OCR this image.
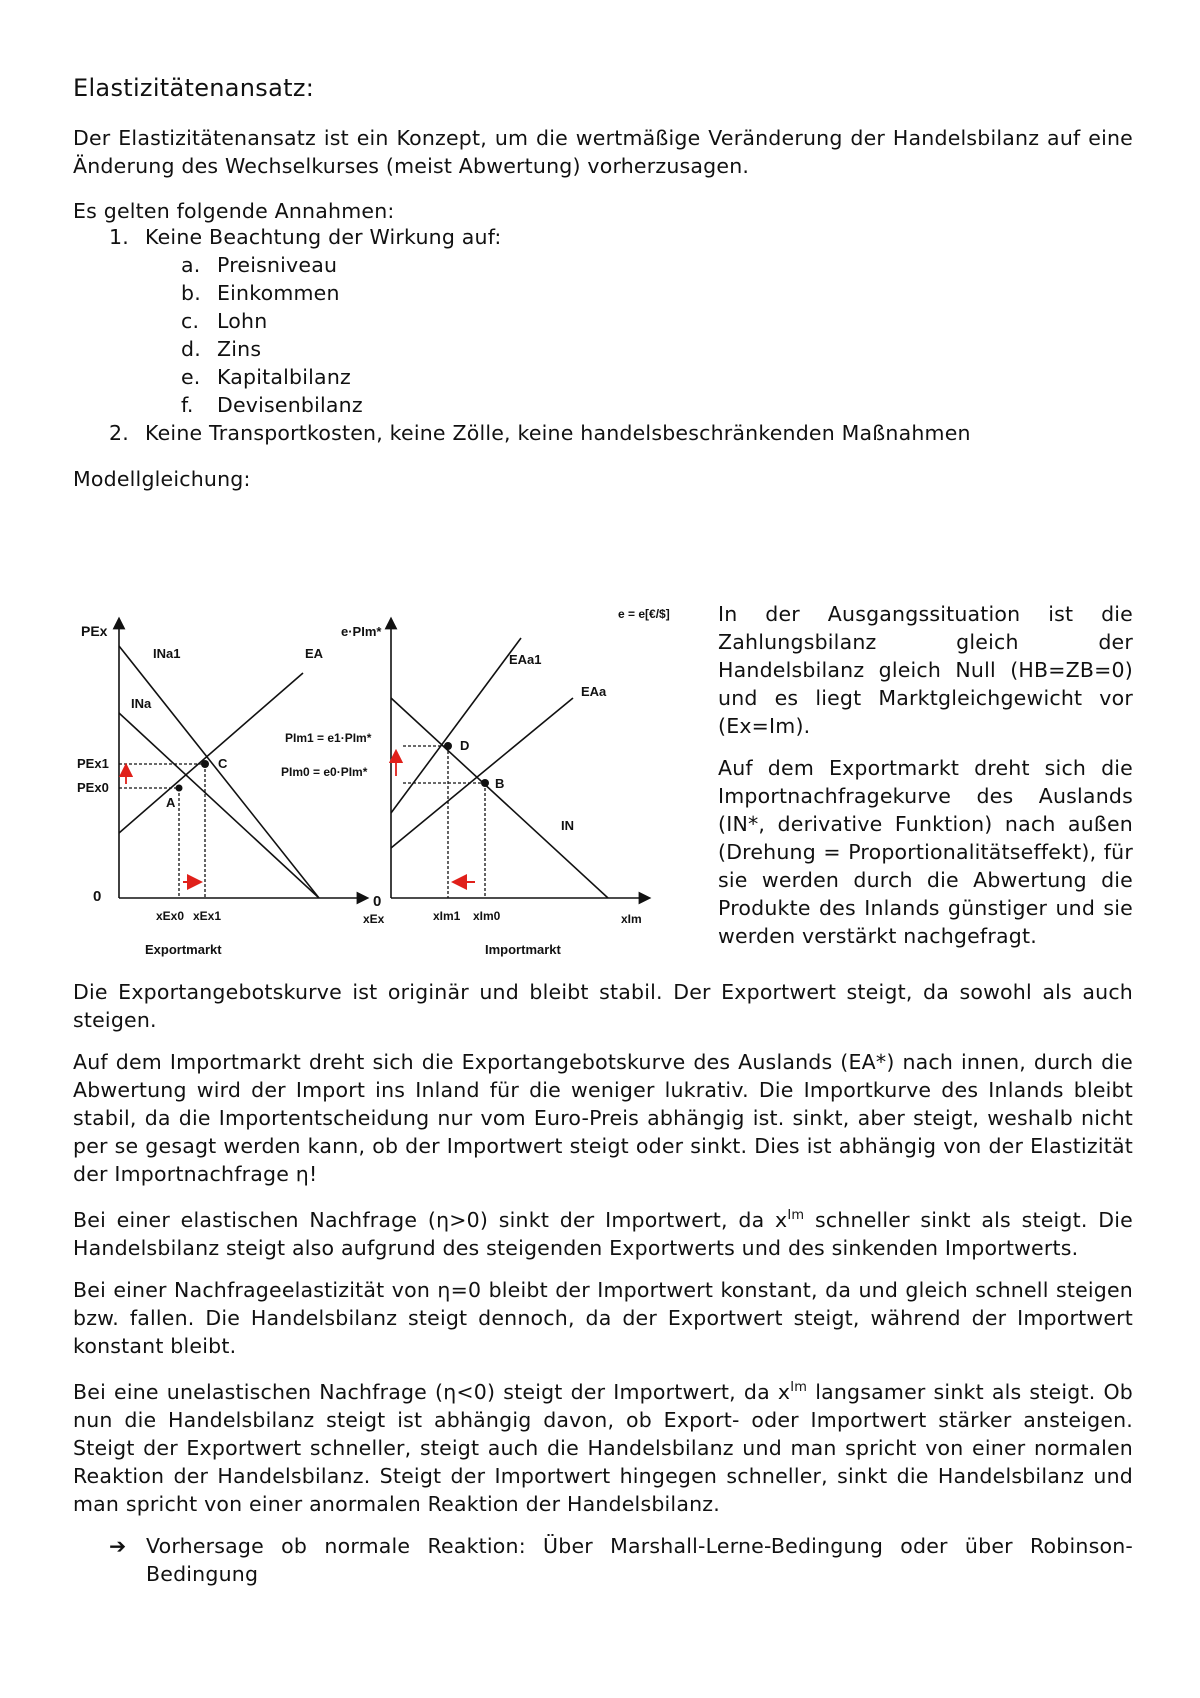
Elastizitätenansatz:

Der Elastizitätenansatz ist ein Konzept, um die wertmäßige Veränderung der Handelsbilanz auf eine Änderung des Wechselkurses (meist Abwertung) vorherzusagen.

Es gelten folgende Annahmen:

1. Keine Beachtung der Wirkung auf:
a. Preisniveau
b. Einkommen
c. Lohn
d. Zins
e. Kapitalbilanz
f. Devisenbilanz
2. Keine Transportkosten, keine Zölle, keine handelsbeschränkenden Maßnahmen

Modellgleichung:

e = e[€/$]
PEx
xEx
0
INa1
INa
EA
PEx1
PEx0
A
C
xEx0 xEx1
Exportmarkt
e·PIm*
xIm
0
EAa1
EAa
IN
PIm1 = e1·PIm*
PIm0 = e0·PIm*
D
B
xIm1 xIm0
Importmarkt

In der Ausgangssituation ist die Zahlungsbilanz gleich der Handelsbilanz gleich Null (HB=ZB=0) und es liegt Marktgleichgewicht vor (Ex=Im).

Auf dem Exportmarkt dreht sich die Importnachfragekurve des Auslands (IN*, derivative Funktion) nach außen (Drehung = Proportionalitätseffekt), für sie werden durch die Abwertung die Produkte des Inlands günstiger und sie werden verstärkt nachgefragt.

Die Exportangebotskurve ist originär und bleibt stabil. Der Exportwert steigt, da sowohl als auch steigen.

Auf dem Importmarkt dreht sich die Exportangebotskurve des Auslands (EA*) nach innen, durch die Abwertung wird der Import ins Inland für die weniger lukrativ. Die Importkurve des Inlands bleibt stabil, da die Importentscheidung nur vom Euro-Preis abhängig ist. sinkt, aber steigt, weshalb nicht per se gesagt werden kann, ob der Importwert steigt oder sinkt. Dies ist abhängig von der Elastizität der Importnachfrage η!

Bei einer elastischen Nachfrage (η>0) sinkt der Importwert, da $x^{Im}$ schneller sinkt als steigt. Die Handelsbilanz steigt also aufgrund des steigenden Exportwerts und des sinkenden Importwerts.

Bei einer Nachfrageelastizität von η=0 bleibt der Importwert konstant, da und gleich schnell steigen bzw. fallen. Die Handelsbilanz steigt dennoch, da der Exportwert steigt, während der Importwert konstant bleibt.

Bei eine unelastischen Nachfrage (η<0) steigt der Importwert, da $x^{Im}$ langsamer sinkt als steigt. Ob nun die Handelsbilanz steigt ist abhängig davon, ob Export- oder Importwert stärker ansteigen. Steigt der Exportwert schneller, steigt auch die Handelsbilanz und man spricht von einer normalen Reaktion der Handelsbilanz. Steigt der Importwert hingegen schneller, sinkt die Handelsbilanz und man spricht von einer anormalen Reaktion der Handelsbilanz.

➔ Vorhersage ob normale Reaktion: Über Marshall-Lerne-Bedingung oder über Robinson-Bedingung
